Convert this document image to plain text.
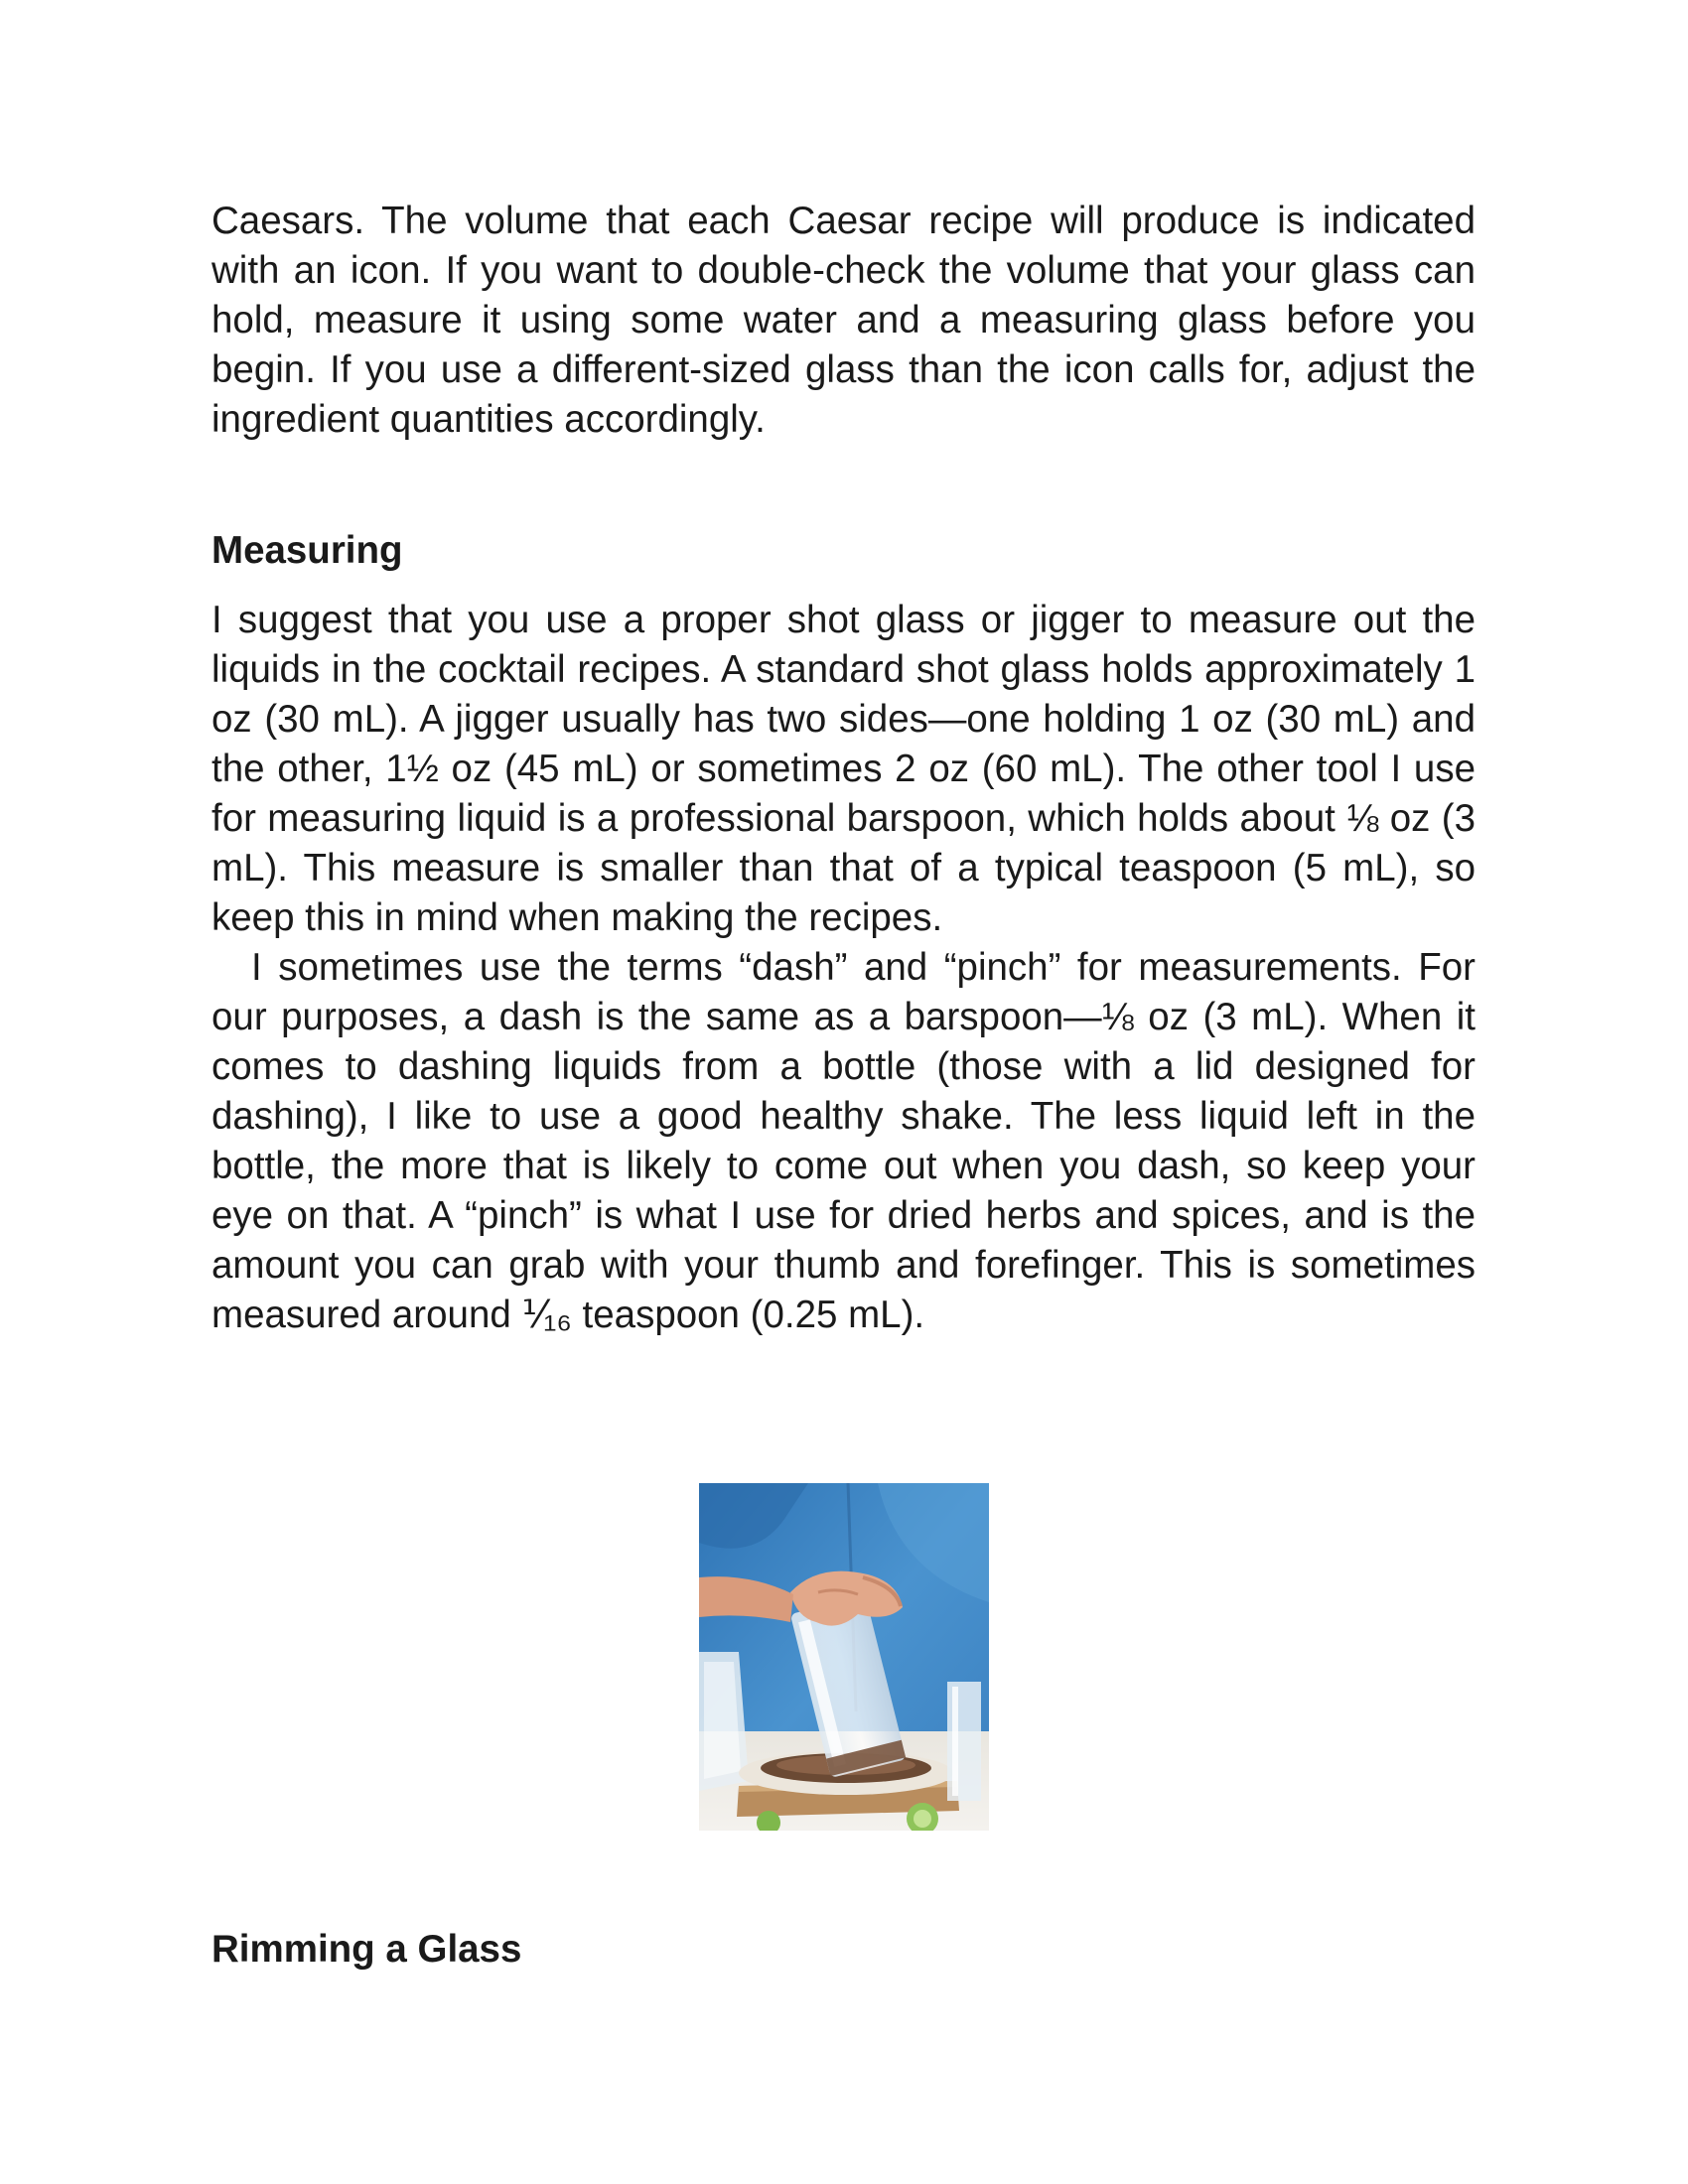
Caesars. The volume that each Caesar recipe will produce is indicated with an icon. If you want to double-check the volume that your glass can hold, measure it using some water and a measuring glass before you begin. If you use a different-sized glass than the icon calls for, adjust the ingredient quantities accordingly.

Measuring

I suggest that you use a proper shot glass or jigger to measure out the liquids in the cocktail recipes. A standard shot glass holds approximately 1 oz (30 mL). A jigger usually has two sides—one holding 1 oz (30 mL) and the other, 1½ oz (45 mL) or sometimes 2 oz (60 mL). The other tool I use for measuring liquid is a professional barspoon, which holds about ⅛ oz (3 mL). This measure is smaller than that of a typical teaspoon (5 mL), so keep this in mind when making the recipes.

I sometimes use the terms “dash” and “pinch” for measurements. For our purposes, a dash is the same as a barspoon—⅛ oz (3 mL). When it comes to dashing liquids from a bottle (those with a lid designed for dashing), I like to use a good healthy shake. The less liquid left in the bottle, the more that is likely to come out when you dash, so keep your eye on that. A “pinch” is what I use for dried herbs and spices, and is the amount you can grab with your thumb and forefinger. This is sometimes measured around ⅟₁₆ teaspoon (0.25 mL).

Rimming a Glass
